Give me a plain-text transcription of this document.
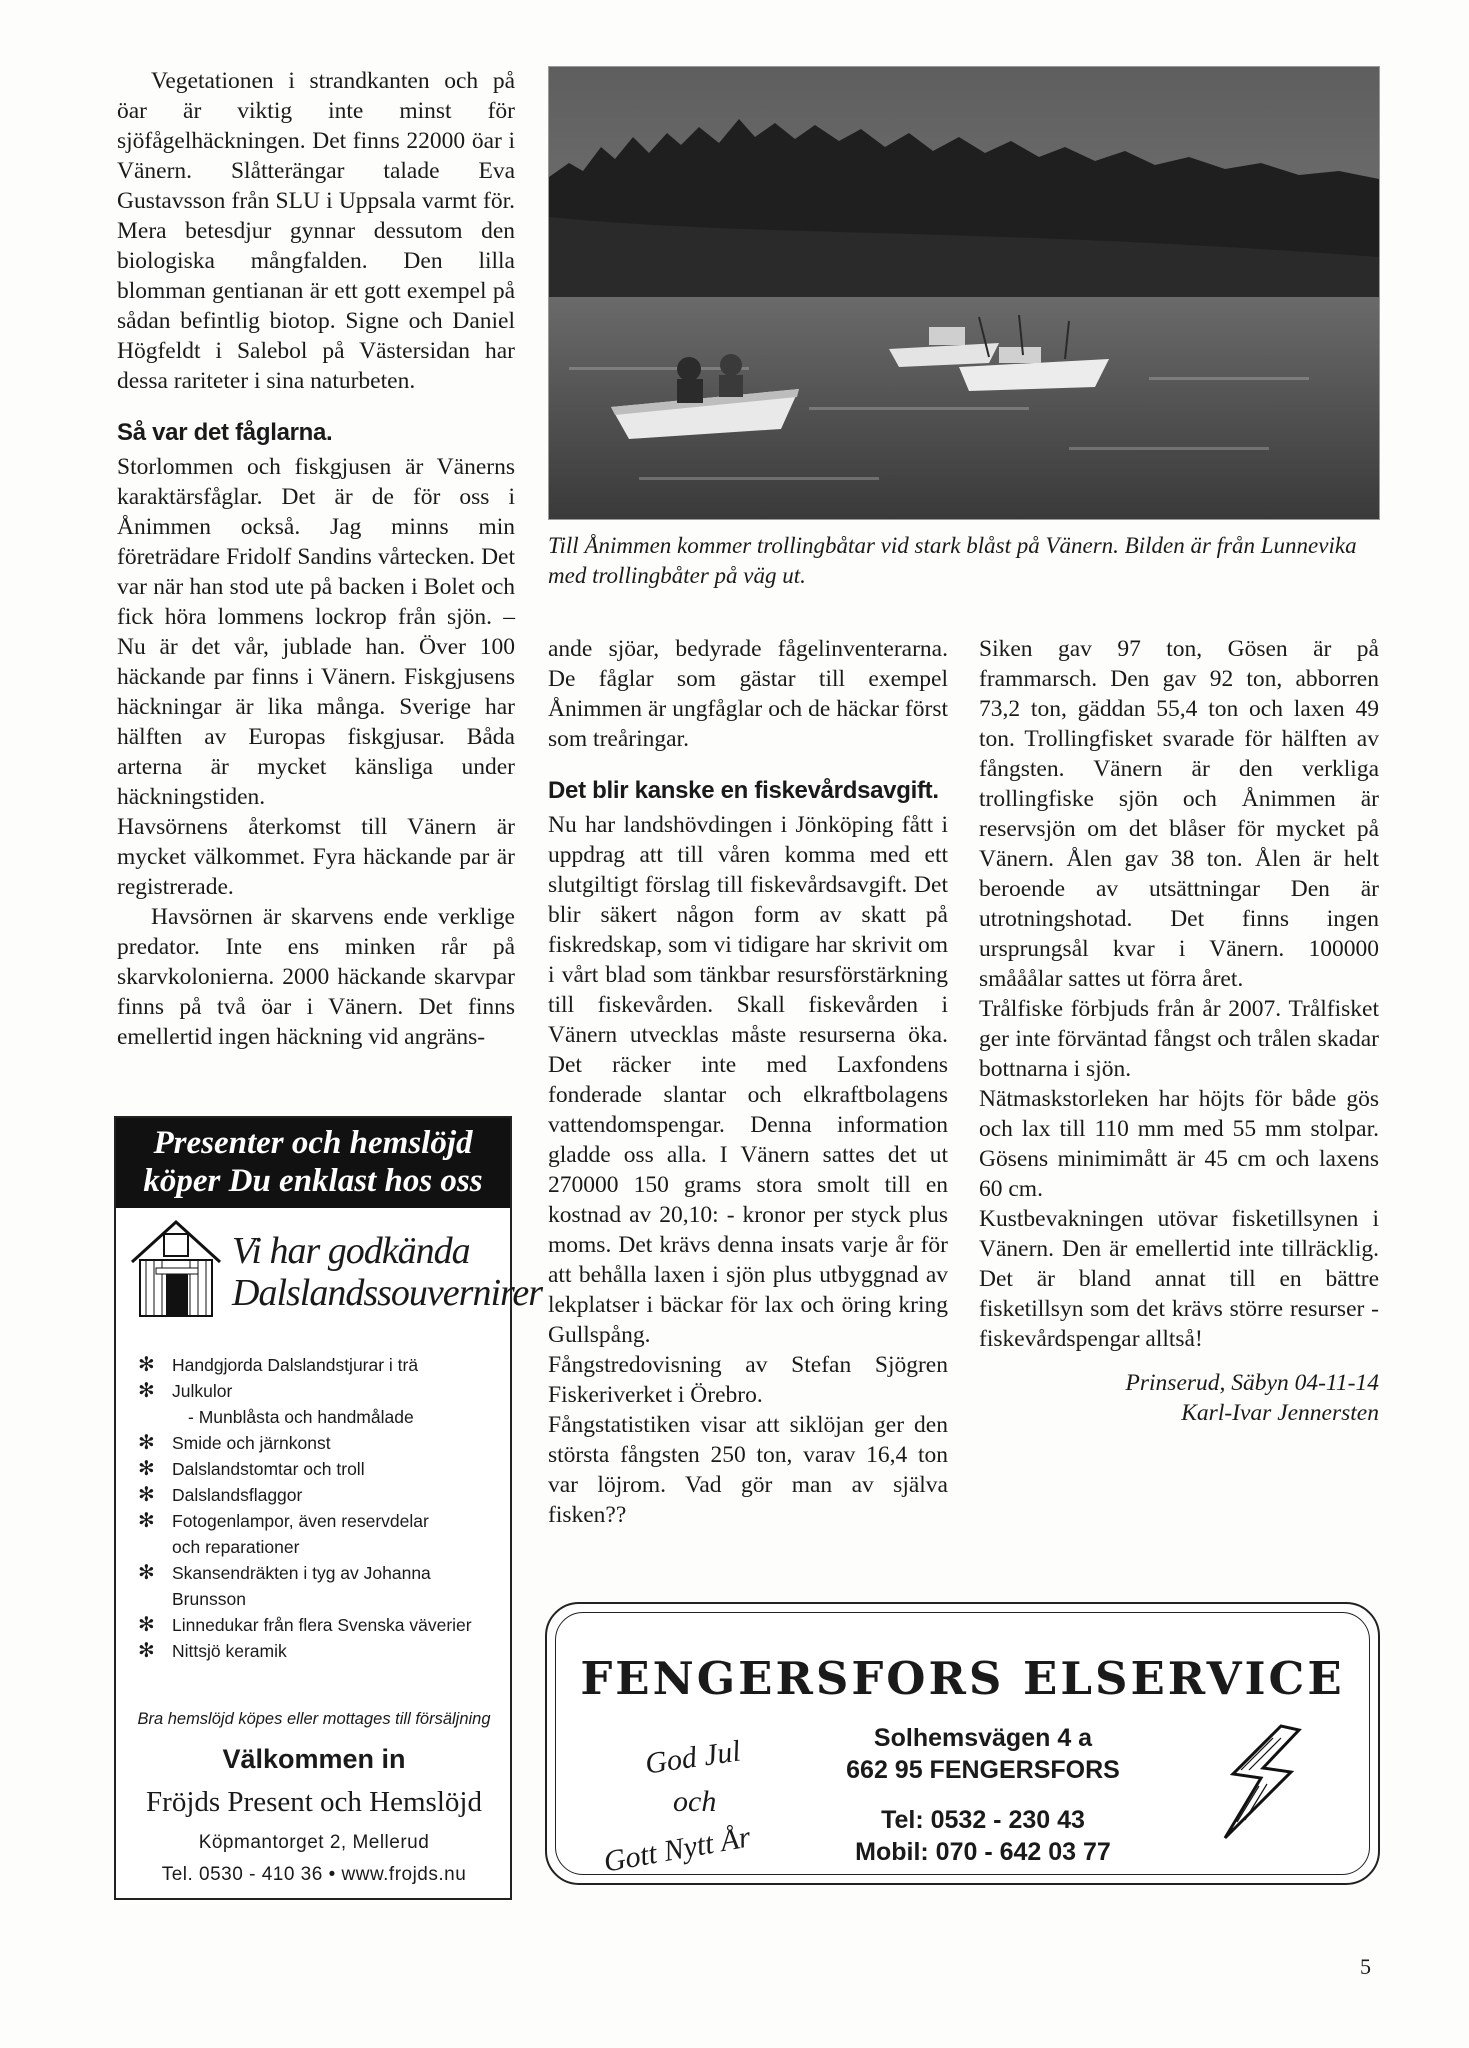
Vegetationen i strandkanten och på öar är viktig inte minst för sjöfågelhäckningen. Det finns 22000 öar i Vänern. Slåtterängar talade Eva Gustavsson från SLU i Uppsala varmt för. Mera betesdjur gynnar dessutom den biologiska mångfalden. Den lilla blomman gentianan är ett gott exempel på sådan befintlig biotop. Signe och Daniel Högfeldt i Salebol på Västersidan har dessa rariteter i sina naturbeten.

Så var det fåglarna.

Storlommen och fiskgjusen är Vänerns karaktärsfåglar. Det är de för oss i Ånimmen också. Jag minns min företrädare Fridolf Sandins vårtecken. Det var när han stod ute på backen i Bolet och fick höra lommens lockrop från sjön. – Nu är det vår, jublade han. Över 100 häckande par finns i Vänern. Fiskgjusens häckningar är lika många. Sverige har hälften av Europas fiskgjusar. Båda arterna är mycket känsliga under häckningstiden.

Havsörnens återkomst till Vänern är mycket välkommet. Fyra häckande par är registrerade.

Havsörnen är skarvens ende verklige predator. Inte ens minken rår på skarvkolonierna. 2000 häckande skarvpar finns på två öar i Vänern. Det finns emellertid ingen häckning vid angräns-

Till Ånimmen kommer trollingbåtar vid stark blåst på Vänern. Bilden är från Lunnevika med trollingbåter på väg ut.

ande sjöar, bedyrade fågelinventerarna. De fåglar som gästar till exempel Ånimmen är ungfåglar och de häckar först som treåringar.

Det blir kanske en fiskevårdsavgift.

Nu har landshövdingen i Jönköping fått i uppdrag att till våren komma med ett slutgiltigt förslag till fiskevårdsavgift. Det blir säkert någon form av skatt på fiskredskap, som vi tidigare har skrivit om i vårt blad som tänkbar resursförstärkning till fiskevården. Skall fiskevården i Vänern utvecklas måste resurserna öka. Det räcker inte med Laxfondens fonderade slantar och elkraftbolagens vattendomspengar. Denna information gladde oss alla. I Vänern sattes det ut 270000 150 grams stora smolt till en kostnad av 20,10: - kronor per styck plus moms. Det krävs denna insats varje år för att behålla laxen i sjön plus utbyggnad av lekplatser i bäckar för lax och öring kring Gullspång.

Fångstredovisning av Stefan Sjögren Fiskeriverket i Örebro.

Fångstatistiken visar att siklöjan ger den största fångsten 250 ton, varav 16,4 ton var löjrom. Vad gör man av själva fisken??

Siken gav 97 ton, Gösen är på frammarsch. Den gav 92 ton, abborren 73,2 ton, gäddan 55,4 ton och laxen 49 ton. Trollingfisket svarade för hälften av fångsten. Vänern är den verkliga trollingfiske sjön och Ånimmen är reservsjön om det blåser för mycket på Vänern. Ålen gav 38 ton. Ålen är helt beroende av utsättningar Den är utrotningshotad. Det finns ingen ursprungsål kvar i Vänern. 100000 smååålar sattes ut förra året.

Trålfiske förbjuds från år 2007. Trålfisket ger inte förväntad fångst och trålen skadar bottnarna i sjön.

Nätmaskstorleken har höjts för både gös och lax till 110 mm med 55 mm stolpar. Gösens minimimått är 45 cm och laxens 60 cm.

Kustbevakningen utövar fisketillsynen i Vänern. Den är emellertid inte tillräcklig. Det är bland annat till en bättre fisketillsyn som det krävs större resurser - fiskevårdspengar alltså!

Prinserud, Säbyn 04-11-14
Karl-Ivar Jennersten
Presenter och hemslöjd
köper Du enklast hos oss
Vi har godkända
Dalslandssouvernirer
✻ Handgjorda Dalslandstjurar i trä
✻ Julkulor
- Munblåsta och handmålade
✻ Smide och järnkonst
✻ Dalslandstomtar och troll
✻ Dalslandsflaggor
✻ Fotogenlampor, även reservdelar
och reparationer
✻ Skansendräkten i tyg av Johanna
Brunsson
✻ Linnedukar från flera Svenska väverier
✻ Nittsjö keramik
Bra hemslöjd köpes eller mottages till försäljning
Välkommen in
Fröjds Present och Hemslöjd
Köpmantorget 2, Mellerud
Tel. 0530 - 410 36 • www.frojds.nu
FENGERSFORS ELSERVICE
God Jul
och
Gott Nytt År
Solhemsvägen 4 a
662 95 FENGERSFORS
Tel: 0532 - 230 43
Mobil: 070 - 642 03 77
5
